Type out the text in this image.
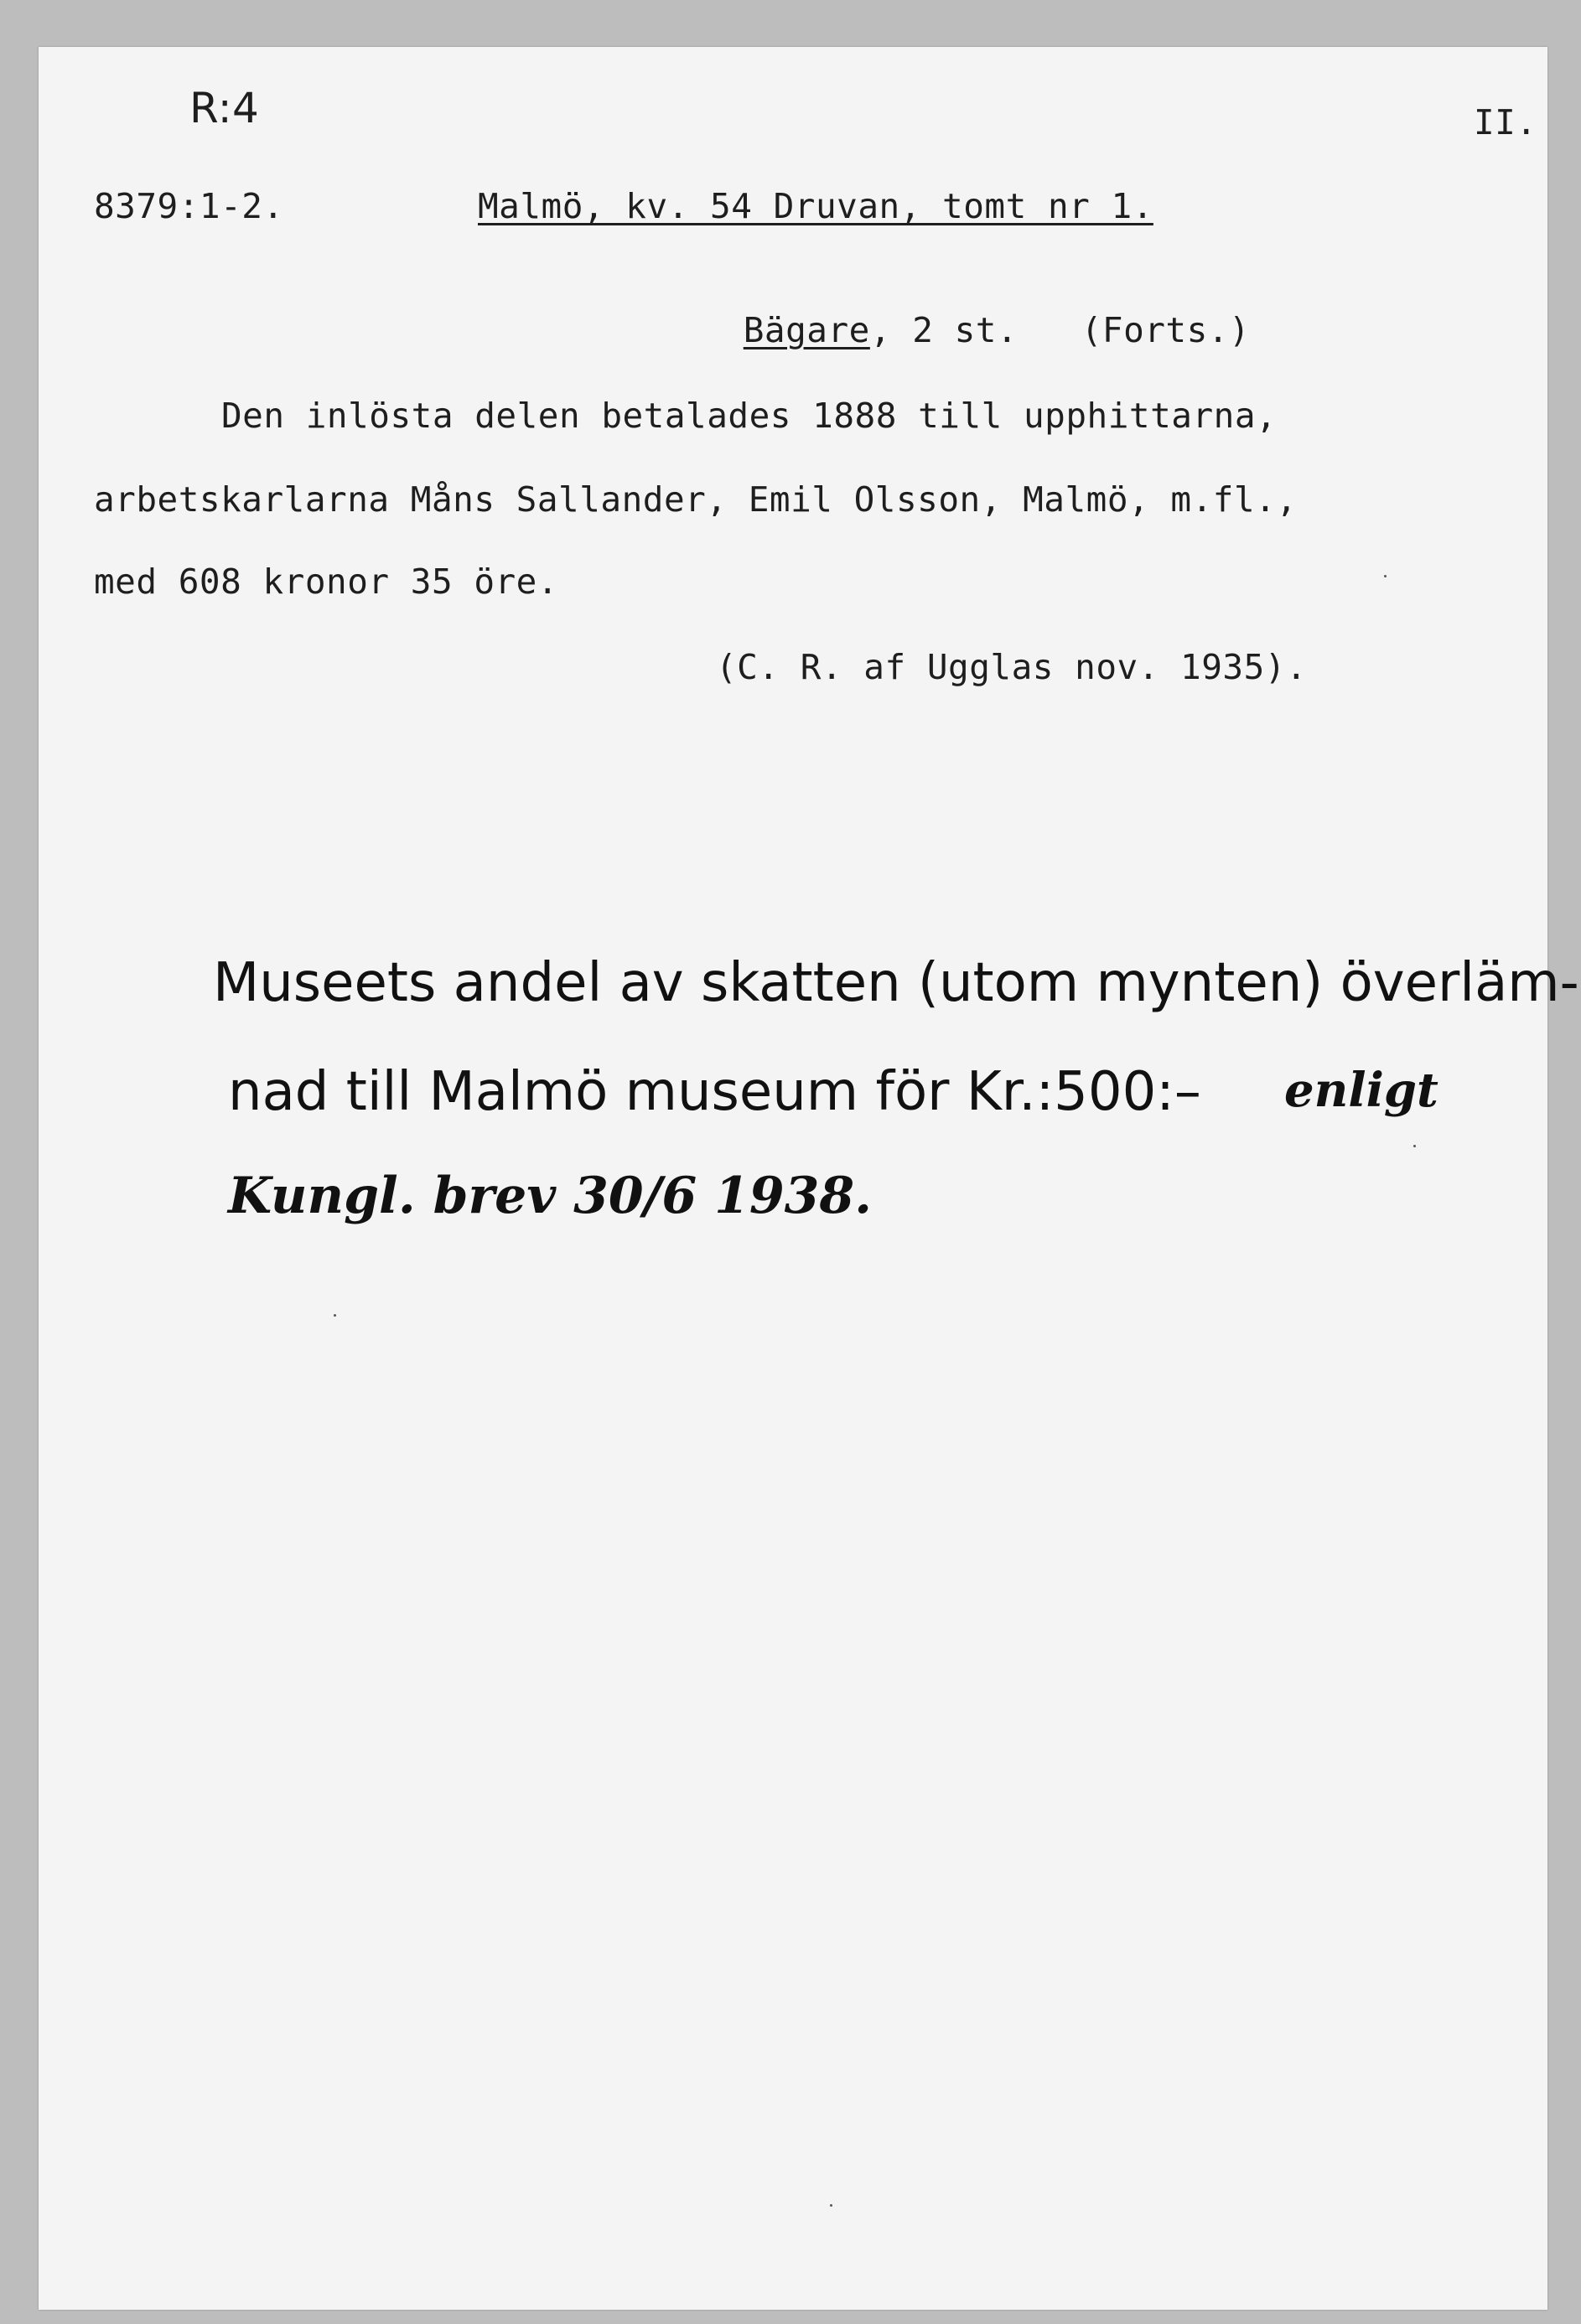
R:4	II.
8379:1-2.	Malmö, kv. 54 Druvan, tomt nr 1.

Bägare, 2 st.   (Forts.)

Den inlösta delen betalades 1888 till upphittarna,
arbetskarlarna Måns Sallander, Emil Olsson, Malmö, m.fl.,
med 608 kronor 35 öre.
(C. R. af Ugglas nov. 1935).
Museets andel av skatten (utom mynten) överläm-
nad till Malmö museum för Kr.:500:– enligt
Kungl. brev 30/6 1938.
